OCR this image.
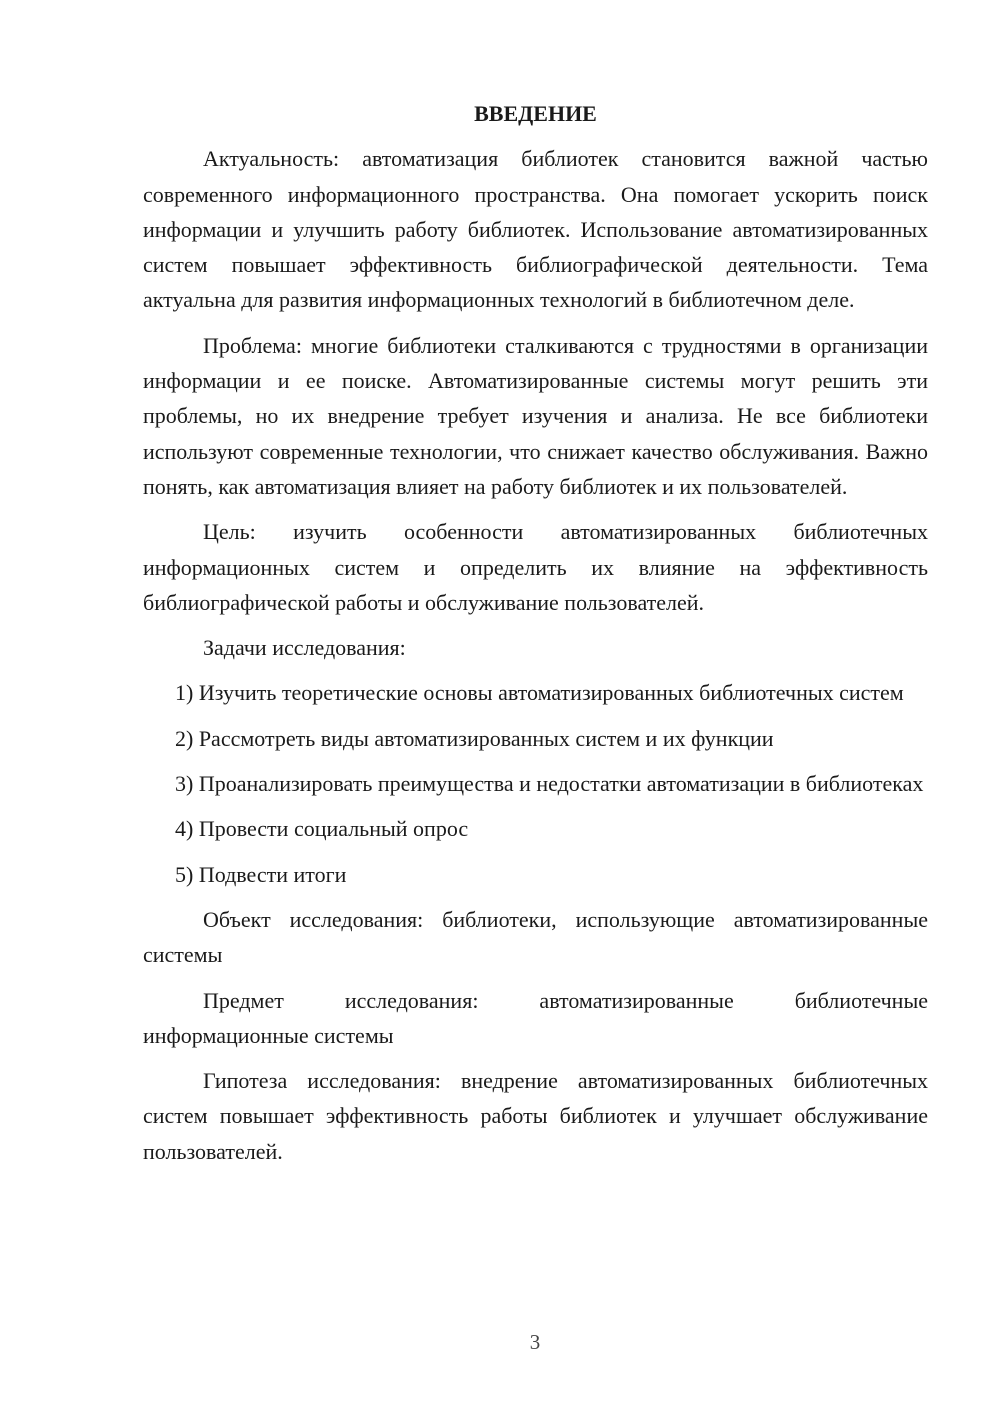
ВВЕДЕНИЕ

Актуальность: автоматизация библиотек становится важной частью современного информационного пространства. Она помогает ускорить поиск информации и улучшить работу библиотек. Использование автоматизированных систем повышает эффективность библиографической деятельности. Тема актуальна для развития информационных технологий в библиотечном деле.

Проблема: многие библиотеки сталкиваются с трудностями в организации информации и ее поиске. Автоматизированные системы могут решить эти проблемы, но их внедрение требует изучения и анализа. Не все библиотеки используют современные технологии, что снижает качество обслуживания. Важно понять, как автоматизация влияет на работу библиотек и их пользователей.

Цель: изучить особенности автоматизированных библиотечных информационных систем и определить их влияние на эффективность библиографической работы и обслуживание пользователей.

Задачи исследования:

1) Изучить теоретические основы автоматизированных библиотечных систем

2) Рассмотреть виды автоматизированных систем и их функции

3) Проанализировать преимущества и недостатки автоматизации в библиотеках

4) Провести социальный опрос

5) Подвести итоги

Объект исследования: библиотеки, использующие автоматизированные системы

Предмет исследования: автоматизированные библиотечные информационные системы

Гипотеза исследования: внедрение автоматизированных библиотечных систем повышает эффективность работы библиотек и улучшает обслуживание пользователей.

3
